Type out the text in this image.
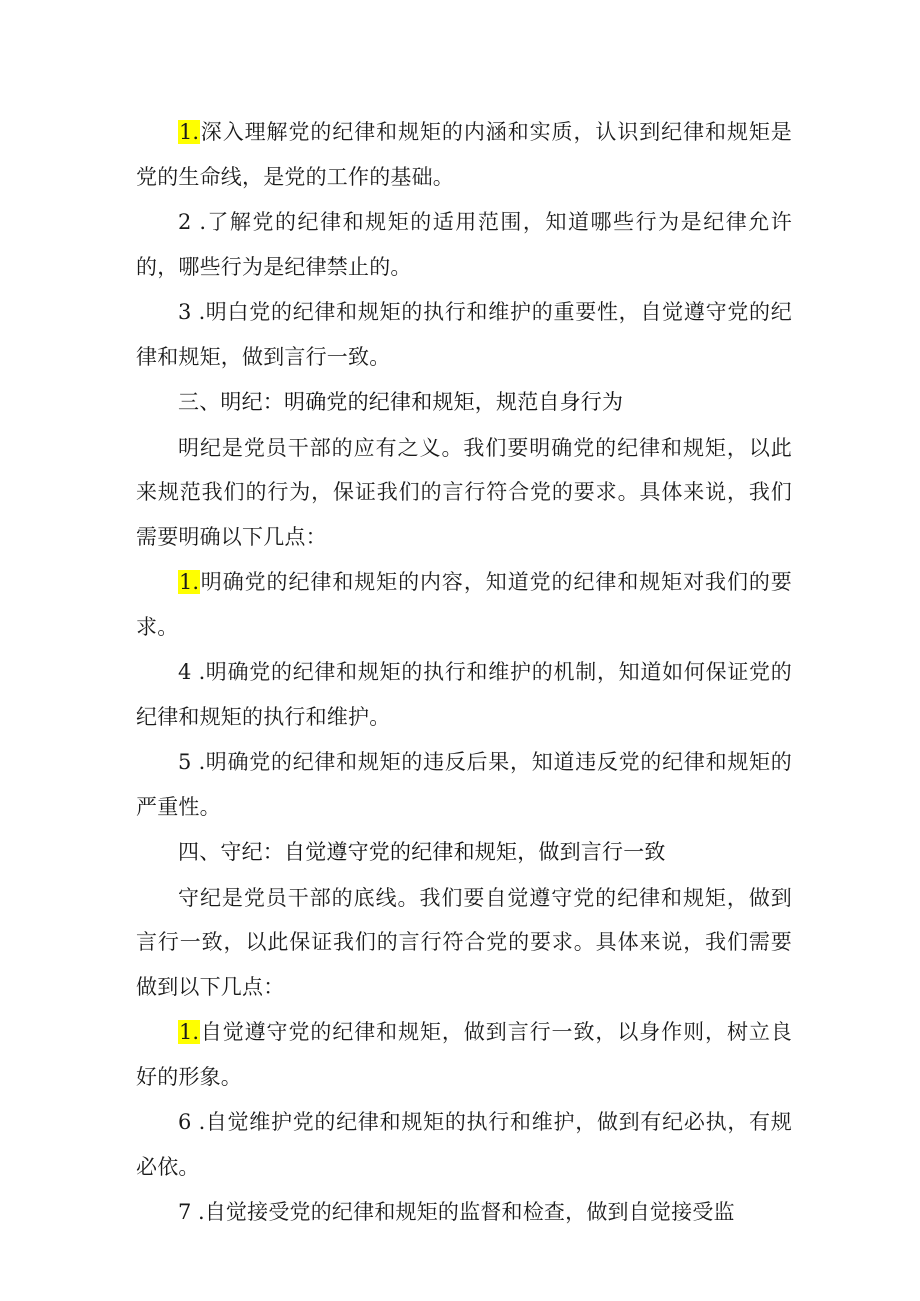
1.深入理解党的纪律和规矩的内涵和实质，认识到纪律和规矩是党的生命线，是党的工作的基础。

2 .了解党的纪律和规矩的适用范围，知道哪些行为是纪律允许的，哪些行为是纪律禁止的。

3 .明白党的纪律和规矩的执行和维护的重要性，自觉遵守党的纪律和规矩，做到言行一致。

三、明纪：明确党的纪律和规矩，规范自身行为

明纪是党员干部的应有之义。我们要明确党的纪律和规矩，以此来规范我们的行为，保证我们的言行符合党的要求。具体来说，我们需要明确以下几点：

1.明确党的纪律和规矩的内容，知道党的纪律和规矩对我们的要求。

4 .明确党的纪律和规矩的执行和维护的机制，知道如何保证党的纪律和规矩的执行和维护。

5 .明确党的纪律和规矩的违反后果，知道违反党的纪律和规矩的严重性。

四、守纪：自觉遵守党的纪律和规矩，做到言行一致

守纪是党员干部的底线。我们要自觉遵守党的纪律和规矩，做到言行一致，以此保证我们的言行符合党的要求。具体来说，我们需要做到以下几点：

1.自觉遵守党的纪律和规矩，做到言行一致，以身作则，树立良好的形象。

6 .自觉维护党的纪律和规矩的执行和维护，做到有纪必执，有规必依。

7 .自觉接受党的纪律和规矩的监督和检查，做到自觉接受监
